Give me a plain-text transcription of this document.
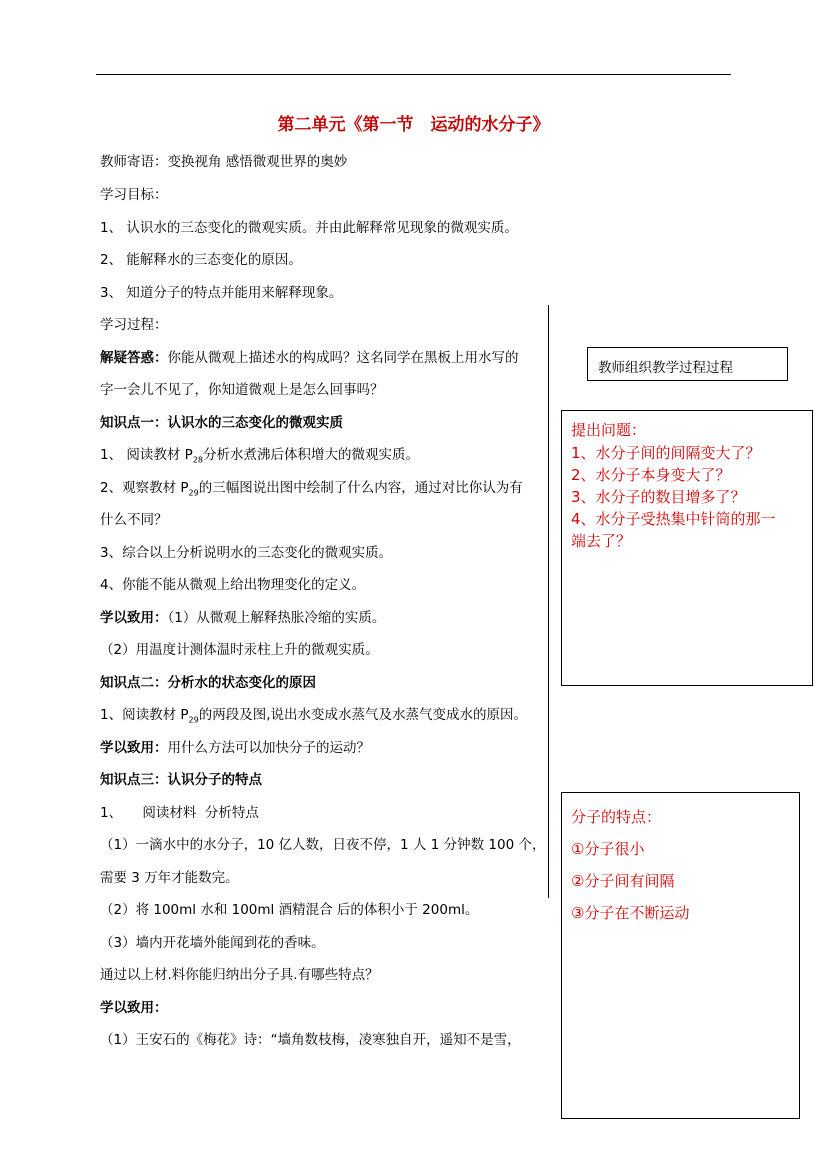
第二单元《第一节　运动的水分子》
教师寄语：变换视角 感悟微观世界的奥妙
学习目标：
1、 认识水的三态变化的微观实质。并由此解释常见现象的微观实质。
2、 能解释水的三态变化的原因。
3、 知道分子的特点并能用来解释现象。
学习过程：
解疑答惑：你能从微观上描述水的构成吗？这名同学在黑板上用水写的
字一会儿不见了，你知道微观上是怎么回事吗？
知识点一：认识水的三态变化的微观实质
1、 阅读教材 $P_{28}$分析水煮沸后体积增大的微观实质。
2、观察教材 $P_{29}$的三幅图说出图中绘制了什么内容，通过对比你认为有
什么不同？
3、综合以上分析说明水的三态变化的微观实质。
4、你能不能从微观上给出物理变化的定义。
学以致用：（1）从微观上解释热胀冷缩的实质。
（2）用温度计测体温时汞柱上升的微观实质。
知识点二：分析水的状态变化的原因
1、阅读教材 $P_{29}$的两段及图,说出水变成水蒸气及水蒸气变成水的原因。
学以致用：用什么方法可以加快分子的运动？
知识点三：认识分子的特点
1、　　阅读材料  分析特点
（1）一滴水中的水分子，10 亿人数，日夜不停，1 人 1 分钟数 100 个，
需要 3 万年才能数完。
（2）将 100ml 水和 100ml 酒精混合 后的体积小于 200ml。
（3）墙内开花墙外能闻到花的香味。
通过以上材.料你能归纳出分子具.有哪些特点？
学以致用：
（1）王安石的《梅花》诗：“墙角数枝梅，凌寒独自开，遥知不是雪，
教师组织教学过程过程
提出问题：
1、水分子间的间隔变大了？
2、水分子本身变大了？
3、水分子的数目增多了？
4、水分子受热集中针筒的那一
端去了？
分子的特点：
①分子很小
②分子间有间隔
③分子在不断运动
